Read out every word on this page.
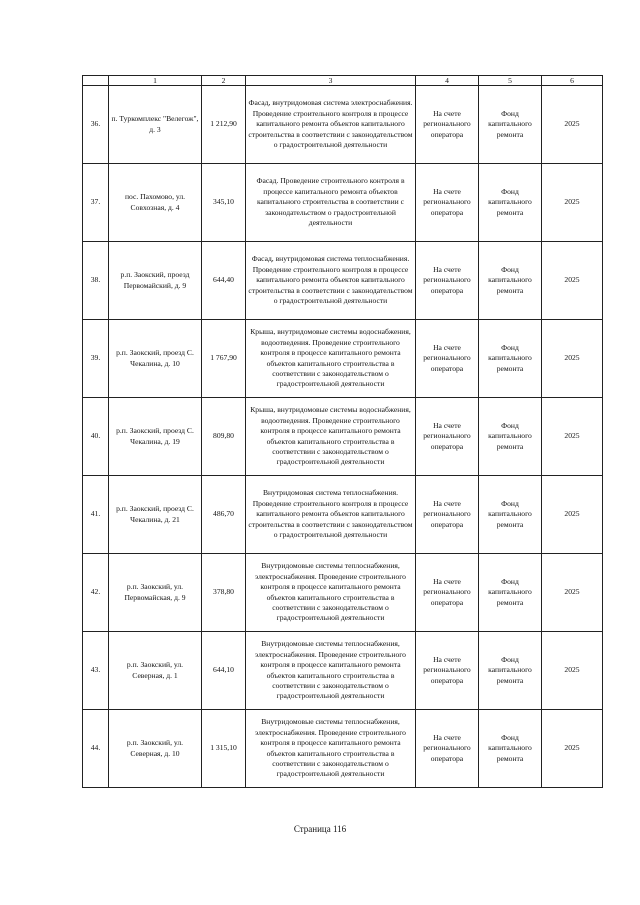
	1	2	3	4	5	6
36.	п. Туркомплекс "Велегож", д. 3	1 212,90	Фасад, внутридомовая система электроснабжения. Проведение строительного контроля в процессе капитального ремонта объектов капитального строительства в соответствии с законодательством о градостроительной деятельности	На счете регионального оператора	Фонд капитального ремонта	2025
37.	пос. Пахомово, ул. Совхозная, д. 4	345,10	Фасад. Проведение строительного контроля в процессе капитального ремонта объектов капитального строительства в соответствии с законодательством о градостроительной деятельности	На счете регионального оператора	Фонд капитального ремонта	2025
38.	р.п. Заокский, проезд Первомайский, д. 9	644,40	Фасад, внутридомовая система теплоснабжения. Проведение строительного контроля в процессе капитального ремонта объектов капитального строительства в соответствии с законодательством о градостроительной деятельности	На счете регионального оператора	Фонд капитального ремонта	2025
39.	р.п. Заокский, проезд С. Чекалина, д. 10	1 767,90	Крыша, внутридомовые системы водоснабжения, водоотведения. Проведение строительного контроля в процессе капитального ремонта объектов капитального строительства в соответствии с законодательством о градостроительной деятельности	На счете регионального оператора	Фонд капитального ремонта	2025
40.	р.п. Заокский, проезд С. Чекалина, д. 19	809,80	Крыша, внутридомовые системы водоснабжения, водоотведения. Проведение строительного контроля в процессе капитального ремонта объектов капитального строительства в соответствии с законодательством о градостроительной деятельности	На счете регионального оператора	Фонд капитального ремонта	2025
41.	р.п. Заокский, проезд С. Чекалина, д. 21	486,70	Внутридомовая система теплоснабжения. Проведение строительного контроля в процессе капитального ремонта объектов капитального строительства в соответствии с законодательством о градостроительной деятельности	На счете регионального оператора	Фонд капитального ремонта	2025
42.	р.п. Заокский, ул. Первомайская, д. 9	378,80	Внутридомовые системы теплоснабжения, электроснабжения. Проведение строительного контроля в процессе капитального ремонта объектов капитального строительства в соответствии с законодательством о градостроительной деятельности	На счете регионального оператора	Фонд капитального ремонта	2025
43.	р.п. Заокский, ул. Северная, д. 1	644,10	Внутридомовые системы теплоснабжения, электроснабжения. Проведение строительного контроля в процессе капитального ремонта объектов капитального строительства в соответствии с законодательством о градостроительной деятельности	На счете регионального оператора	Фонд капитального ремонта	2025
44.	р.п. Заокский, ул. Северная, д. 10	1 315,10	Внутридомовые системы теплоснабжения, электроснабжения. Проведение строительного контроля в процессе капитального ремонта объектов капитального строительства в соответствии с законодательством о градостроительной деятельности	На счете регионального оператора	Фонд капитального ремонта	2025
Страница 116
